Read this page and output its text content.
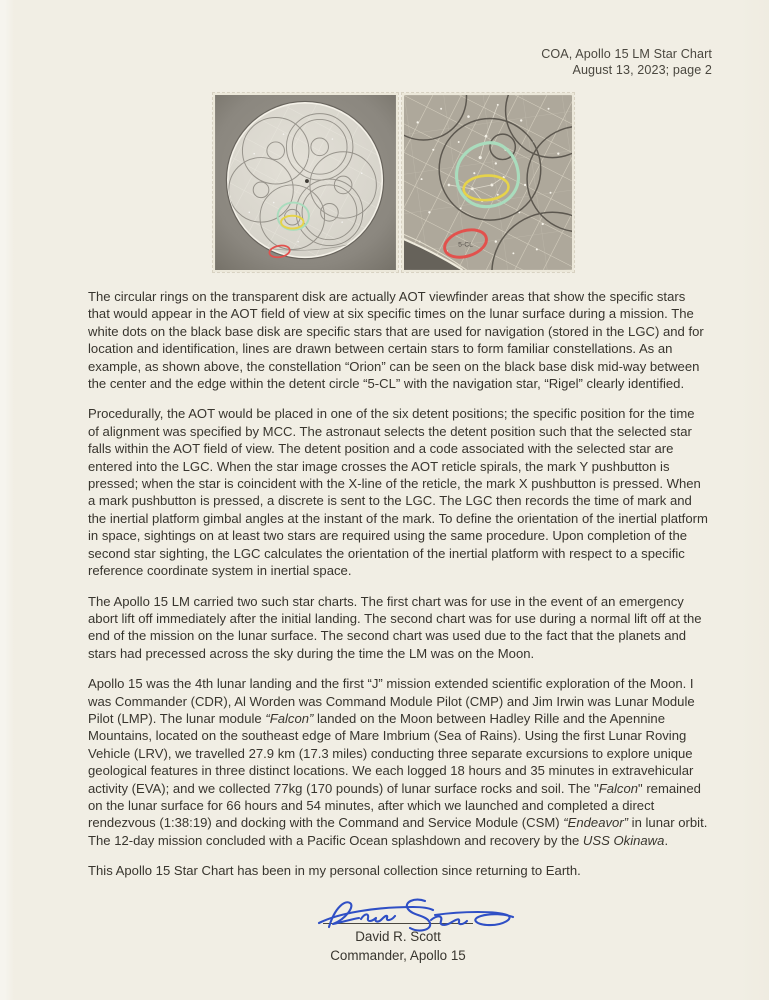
COA, Apollo 15 LM Star Chart
August 13, 2023; page 2
5-CL

The circular rings on the transparent disk are actually AOT viewfinder areas that show the specific stars that would appear in the AOT field of view at six specific times on the lunar surface during a mission. The white dots on the black base disk are specific stars that are used for navigation (stored in the LGC) and for location and identification, lines are drawn between certain stars to form familiar constellations. As an example, as shown above, the constellation “Orion” can be seen on the black base disk mid-way between the center and the edge within the detent circle “5-CL” with the navigation star, “Rigel” clearly identified.

Procedurally, the AOT would be placed in one of the six detent positions; the specific position for the time of alignment was specified by MCC. The astronaut selects the detent position such that the selected star falls within the AOT field of view. The detent position and a code associated with the selected star are entered into the LGC. When the star image crosses the AOT reticle spirals, the mark Y pushbutton is pressed; when the star is coincident with the X-line of the reticle, the mark X pushbutton is pressed. When a mark pushbutton is pressed, a discrete is sent to the LGC. The LGC then records the time of mark and the inertial platform gimbal angles at the instant of the mark. To define the orientation of the inertial platform in space, sightings on at least two stars are required using the same procedure. Upon completion of the second star sighting, the LGC calculates the orientation of the inertial platform with respect to a specific reference coordinate system in inertial space.

The Apollo 15 LM carried two such star charts. The first chart was for use in the event of an emergency abort lift off immediately after the initial landing. The second chart was for use during a normal lift off at the end of the mission on the lunar surface. The second chart was used due to the fact that the planets and stars had precessed across the sky during the time the LM was on the Moon.

Apollo 15 was the 4th lunar landing and the first “J” mission extended scientific exploration of the Moon. I was Commander (CDR), Al Worden was Command Module Pilot (CMP) and Jim Irwin was Lunar Module Pilot (LMP). The lunar module “Falcon” landed on the Moon between Hadley Rille and the Apennine Mountains, located on the southeast edge of Mare Imbrium (Sea of Rains). Using the first Lunar Roving Vehicle (LRV), we travelled 27.9 km (17.3 miles) conducting three separate excursions to explore unique geological features in three distinct locations. We each logged 18 hours and 35 minutes in extravehicular activity (EVA); and we collected 77kg (170 pounds) of lunar surface rocks and soil. The "Falcon" remained on the lunar surface for 66 hours and 54 minutes, after which we launched and completed a direct rendezvous (1:38:19) and docking with the Command and Service Module (CSM) “Endeavor” in lunar orbit. The 12-day mission concluded with a Pacific Ocean splashdown and recovery by the USS Okinawa.

This Apollo 15 Star Chart has been in my personal collection since returning to Earth.

David R. Scott
Commander, Apollo 15
